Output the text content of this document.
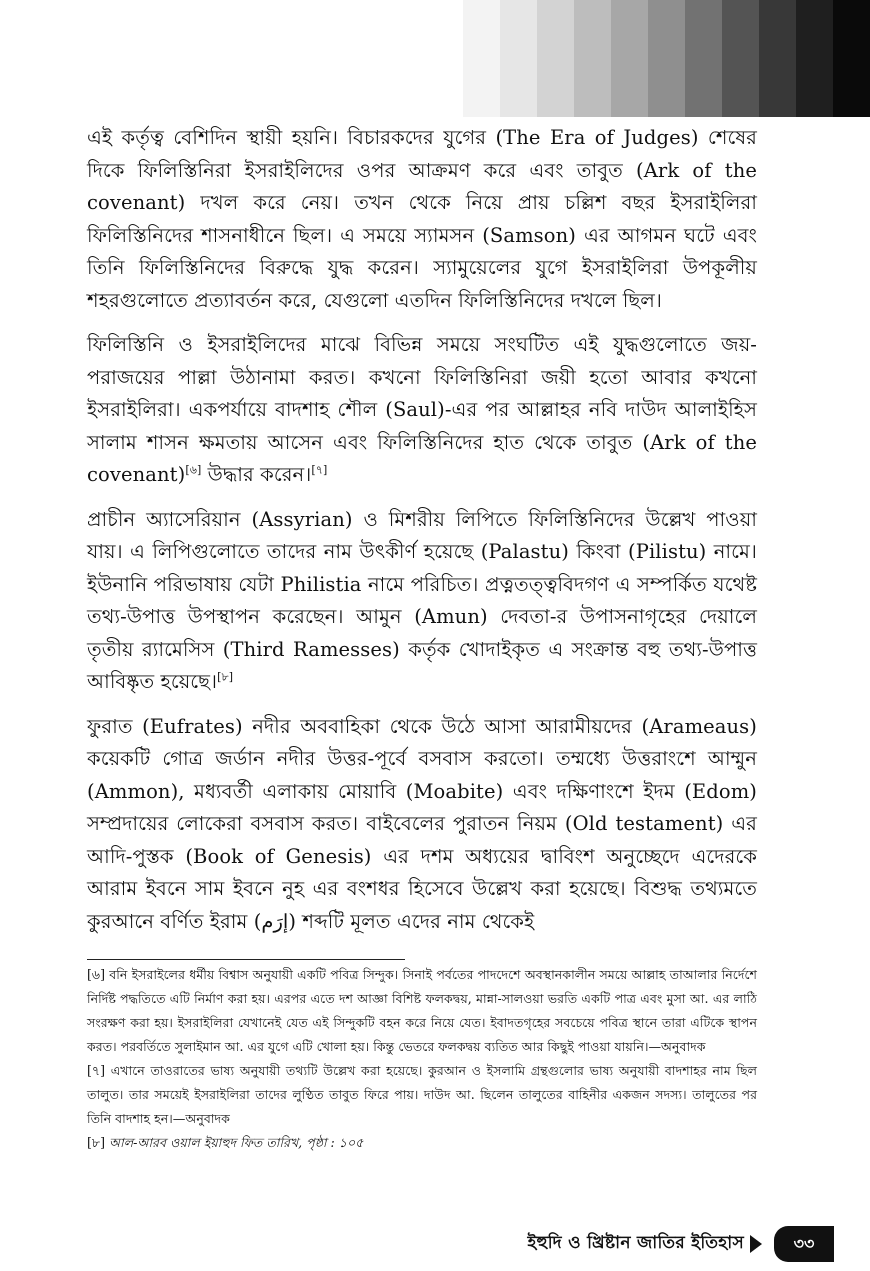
এই কর্তৃত্ব বেশিদিন স্থায়ী হয়নি। বিচারকদের যুগের (The Era of Judges) শেষের দিকে ফিলিস্তিনিরা ইসরাইলিদের ওপর আক্রমণ করে এবং তাবুত (Ark of the covenant) দখল করে নেয়। তখন থেকে নিয়ে প্রায় চল্লিশ বছর ইসরাইলিরা ফিলিস্তিনিদের শাসনাধীনে ছিল। এ সময়ে স্যামসন (Samson) এর আগমন ঘটে এবং তিনি ফিলিস্তিনিদের বিরুদ্ধে যুদ্ধ করেন। স্যামুয়েলের যুগে ইসরাইলিরা উপকূলীয় শহরগুলোতে প্রত্যাবর্তন করে, যেগুলো এতদিন ফিলিস্তিনিদের দখলে ছিল।

ফিলিস্তিনি ও ইসরাইলিদের মাঝে বিভিন্ন সময়ে সংঘটিত এই যুদ্ধগুলোতে জয়-পরাজয়ের পাল্লা উঠানামা করত। কখনো ফিলিস্তিনিরা জয়ী হতো আবার কখনো ইসরাইলিরা। একপর্যায়ে বাদশাহ শৌল (Saul)-এর পর আল্লাহর নবি দাউদ আলাইহিস সালাম শাসন ক্ষমতায় আসেন এবং ফিলিস্তিনিদের হাত থেকে তাবুত (Ark of the covenant)[৬] উদ্ধার করেন।[৭]

প্রাচীন অ্যাসেরিয়ান (Assyrian) ও মিশরীয় লিপিতে ফিলিস্তিনিদের উল্লেখ পাওয়া যায়। এ লিপিগুলোতে তাদের নাম উৎকীর্ণ হয়েছে (Palastu) কিংবা (Pilistu) নামে। ইউনানি পরিভাষায় যেটা Philistia নামে পরিচিত। প্রত্নতত্ত্ববিদগণ এ সম্পর্কিত যথেষ্ট তথ্য-উপাত্ত উপস্থাপন করেছেন। আমুন (Amun) দেবতা-র উপাসনাগৃহের দেয়ালে তৃতীয় র‍্যামেসিস (Third Ramesses) কর্তৃক খোদাইকৃত এ সংক্রান্ত বহু তথ্য-উপাত্ত আবিষ্কৃত হয়েছে।[৮]

ফুরাত (Eufrates) নদীর অববাহিকা থেকে উঠে আসা আরামীয়দের (Arameaus) কয়েকটি গোত্র জর্ডান নদীর উত্তর-পূর্বে বসবাস করতো। তম্মধ্যে উত্তরাংশে আম্মুন (Ammon), মধ্যবর্তী এলাকায় মোয়াবি (Moabite) এবং দক্ষিণাংশে ইদম (Edom) সম্প্রদায়ের লোকেরা বসবাস করত। বাইবেলের পুরাতন নিয়ম (Old testament) এর আদি-পুস্তক (Book of Genesis) এর দশম অধ্যয়ের দ্বাবিংশ অনুচ্ছেদে এদেরকে আরাম ইবনে সাম ইবনে নুহ এর বংশধর হিসেবে উল্লেখ করা হয়েছে। বিশুদ্ধ তথ্যমতে কুরআনে বর্ণিত ইরাম (إرَم) শব্দটি মূলত এদের নাম থেকেই

[৬] বনি ইসরাইলের ধর্মীয় বিশ্বাস অনুযায়ী একটি পবিত্র সিন্দুক। সিনাই পর্বতের পাদদেশে অবস্থানকালীন সময়ে আল্লাহ তাআলার নির্দেশে নির্দিষ্ট পদ্ধতিতে এটি নির্মাণ করা হয়। এরপর এতে দশ আজ্ঞা বিশিষ্ট ফলকদ্বয়, মান্না-সালওয়া ভরতি একটি পাত্র এবং মুসা আ. এর লাঠি সংরক্ষণ করা হয়। ইসরাইলিরা যেখানেই যেত এই সিন্দুকটি বহন করে নিয়ে যেত। ইবাদতগৃহের সবচেয়ে পবিত্র স্থানে তারা এটিকে স্থাপন করত। পরবর্তিতে সুলাইমান আ. এর যুগে এটি খোলা হয়। কিন্তু ভেতরে ফলকদ্বয় ব্যতিত আর কিছুই পাওয়া যায়নি।—অনুবাদক

[৭] এখানে তাওরাতের ভাষ্য অনুযায়ী তথ্যটি উল্লেখ করা হয়েছে। কুরআন ও ইসলামি গ্রন্থগুলোর ভাষ্য অনুযায়ী বাদশাহর নাম ছিল তালুত। তার সময়েই ইসরাইলিরা তাদের লুণ্ঠিত তাবুত ফিরে পায়। দাউদ আ. ছিলেন তালুতের বাহিনীর একজন সদস্য। তালুতের পর তিনি বাদশাহ হন।—অনুবাদক

[৮] আল-আরব ওয়াল ইয়াহুদ ফিত তারিখ, পৃষ্ঠা : ১০৫

ইহুদি ও খ্রিষ্টান জাতির ইতিহাস	৩৩
